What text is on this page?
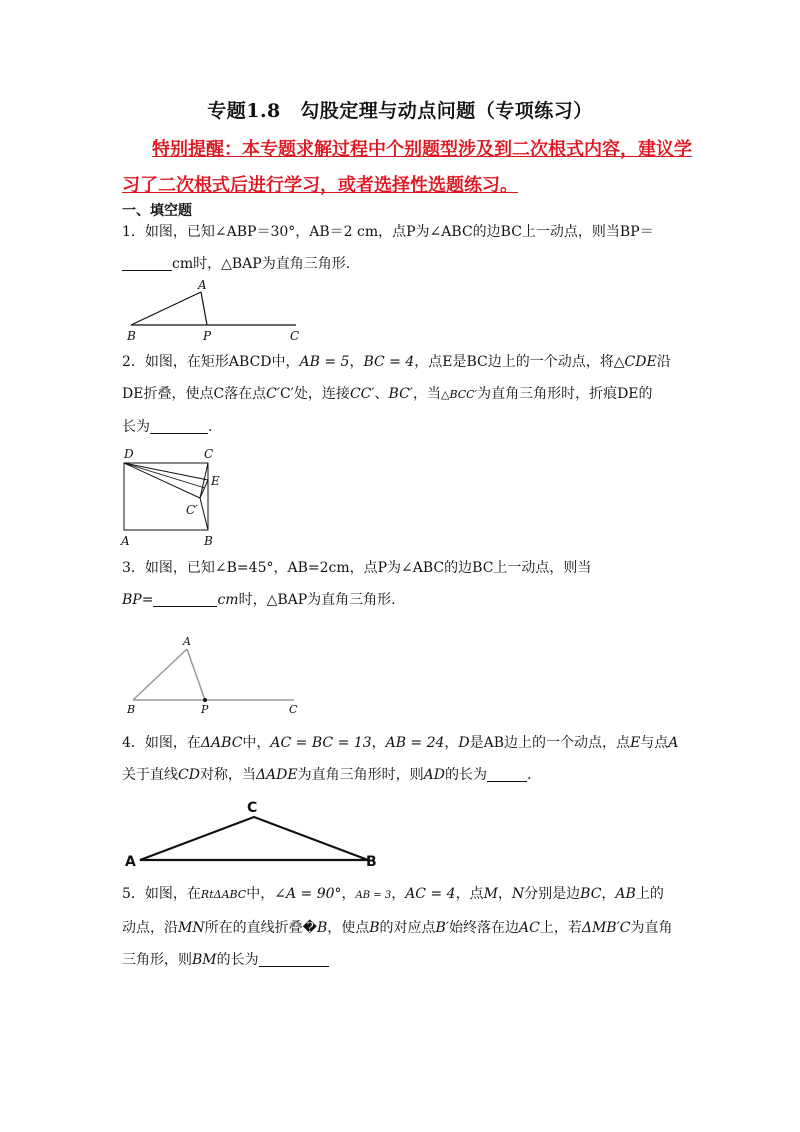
专题1.8　勾股定理与动点问题（专项练习）
特别提醒：本专题求解过程中个别题型涉及到二次根式内容，建议学习了二次根式后进行学习，或者选择性选题练习。
一、填空题
1．如图，已知∠ABP＝30°，AB＝2 cm，点P为∠ABC的边BC上一动点，则当BP＝
cm时，△BAP为直角三角形.
A
B	P	C
D	C
E
C′
A	B
A
B	P	C
C
A	B
2．如图，在矩形ABCD中，AB = 5，BC = 4，点E是BC边上的一个动点，将△CDE沿
DE折叠，使点C落在点C′C′处，连接CC′、BC′，当△BCC′为直角三角形时，折痕DE的
长为	.
3．如图，已知∠B=45°，AB=2cm，点P为∠ABC的边BC上一动点，则当
BP=	cm时，△BAP为直角三角形.
4．如图，在ΔABC中，AC = BC = 13，AB = 24，D是AB边上的一个动点，点E与点A
关于直线CD对称，当ΔADE为直角三角形时，则AD的长为	.
5．如图，在RtΔABC中，∠A = 90°，AB = 3，AC = 4，点M，N分别是边BC，AB上的
动点，沿MN所在的直线折叠�B，使点B的对应点B′始终落在边AC上，若ΔMB′C为直角
三角形，则BM的长为
